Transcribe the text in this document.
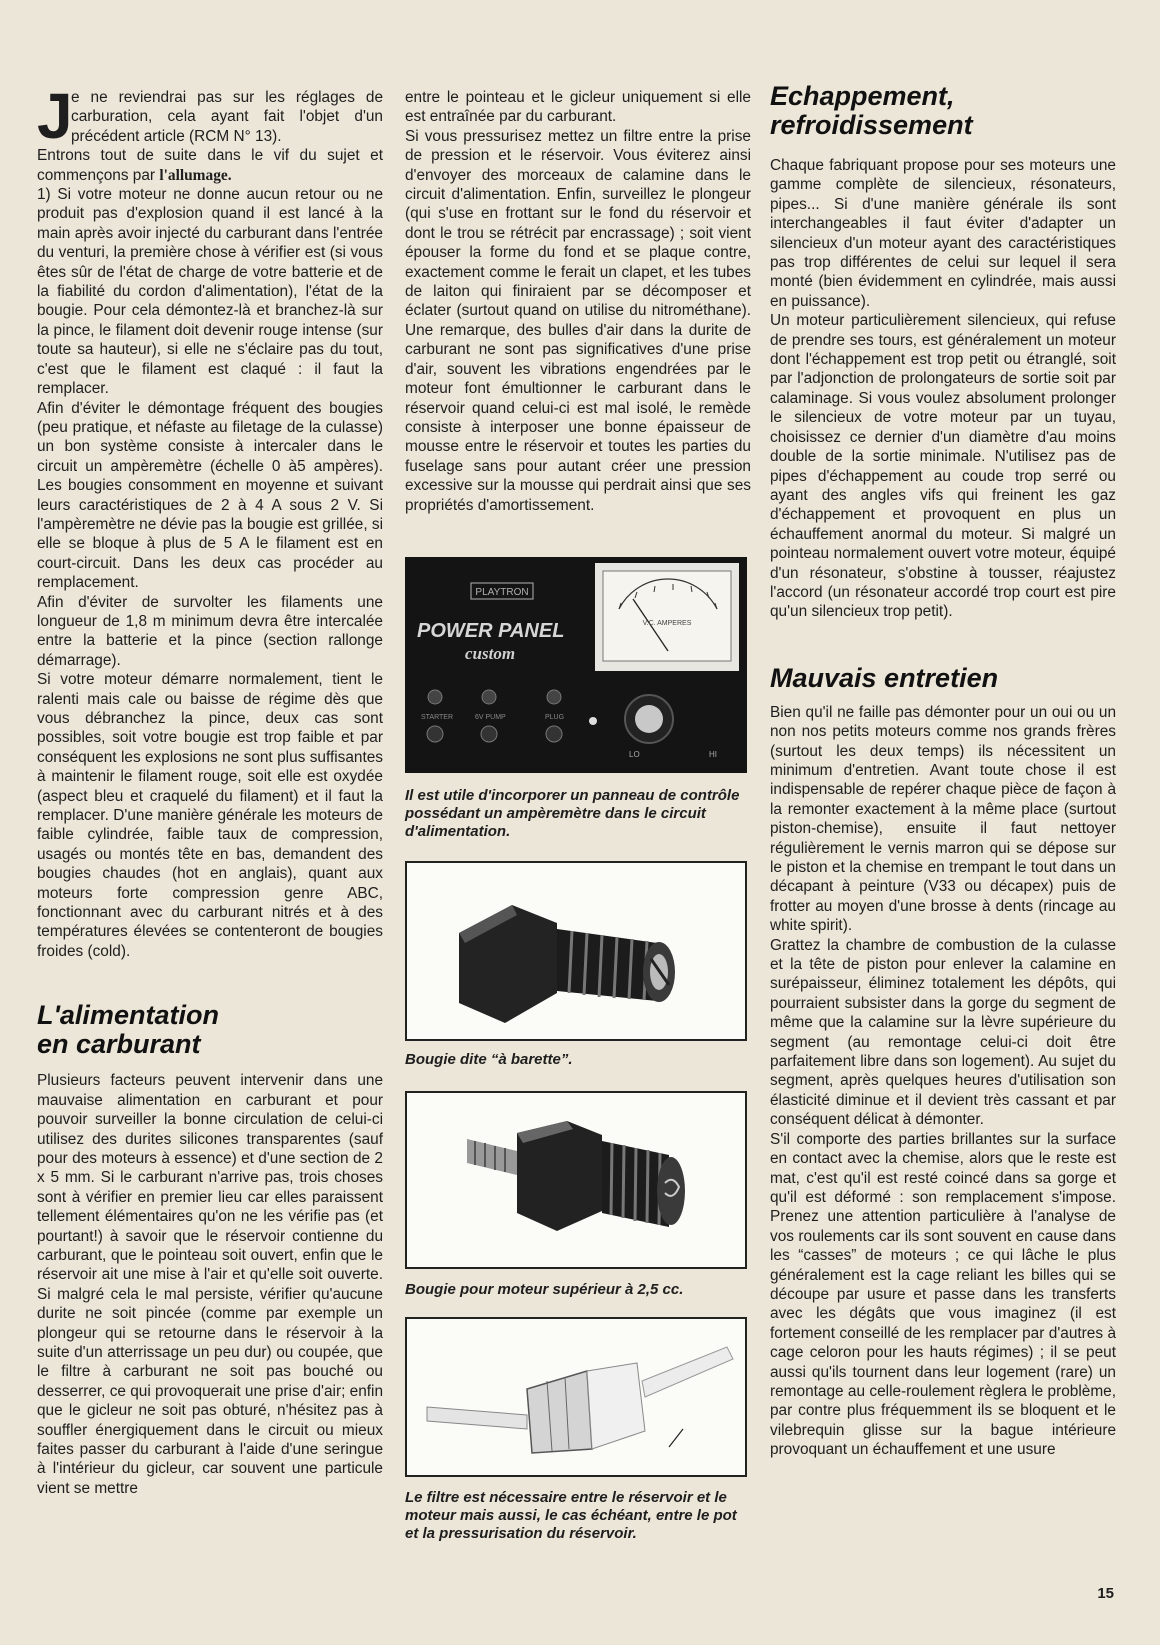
J

e ne reviendrai pas sur les réglages de carburation, cela ayant fait l'objet d'un précédent article (RCM N° 13).

Entrons tout de suite dans le vif du sujet et commençons par l'allumage.

1) Si votre moteur ne donne aucun retour ou ne produit pas d'explosion quand il est lancé à la main après avoir injecté du carburant dans l'entrée du venturi, la première chose à vérifier est (si vous êtes sûr de l'état de charge de votre batterie et de la fiabilité du cordon d'alimentation), l'état de la bougie. Pour cela démontez-là et branchez-là sur la pince, le filament doit devenir rouge intense (sur toute sa hauteur), si elle ne s'éclaire pas du tout, c'est que le filament est claqué : il faut la remplacer.

Afin d'éviter le démontage fréquent des bougies (peu pratique, et néfaste au filetage de la culasse) un bon système consiste à intercaler dans le circuit un ampèremètre (échelle 0 à5 ampères). Les bougies consomment en moyenne et suivant leurs caractéristiques de 2 à 4 A sous 2 V. Si l'ampèremètre ne dévie pas la bougie est grillée, si elle se bloque à plus de 5 A le filament est en court-circuit. Dans les deux cas procéder au remplacement.

Afin d'éviter de survolter les filaments une longueur de 1,8 m minimum devra être intercalée entre la batterie et la pince (section rallonge démarrage).

Si votre moteur démarre normalement, tient le ralenti mais cale ou baisse de régime dès que vous débranchez la pince, deux cas sont possibles, soit votre bougie est trop faible et par conséquent les explosions ne sont plus suffisantes à maintenir le filament rouge, soit elle est oxydée (aspect bleu et craquelé du filament) et il faut la remplacer. D'une manière générale les moteurs de faible cylindrée, faible taux de compression, usagés ou montés tête en bas, demandent des bougies chaudes (hot en anglais), quant aux moteurs forte compression genre ABC, fonctionnant avec du carburant nitrés et à des températures élevées se contenteront de bougies froides (cold).

L'alimentation
en carburant

Plusieurs facteurs peuvent intervenir dans une mauvaise alimentation en carburant et pour pouvoir surveiller la bonne circulation de celui-ci utilisez des durites silicones transparentes (sauf pour des moteurs à essence) et d'une section de 2 x 5 mm. Si le carburant n'arrive pas, trois choses sont à vérifier en premier lieu car elles paraissent tellement élémentaires qu'on ne les vérifie pas (et pourtant!) à savoir que le réservoir contienne du carburant, que le pointeau soit ouvert, enfin que le réservoir ait une mise à l'air et qu'elle soit ouverte. Si malgré cela le mal persiste, vérifier qu'aucune durite ne soit pincée (comme par exemple un plongeur qui se retourne dans le réservoir à la suite d'un atterrissage un peu dur) ou coupée, que le filtre à carburant ne soit pas bouché ou desserrer, ce qui provoquerait une prise d'air; enfin que le gicleur ne soit pas obturé, n'hésitez pas à souffler énergiquement dans le circuit ou mieux faites passer du carburant à l'aide d'une seringue à l'intérieur du gicleur, car souvent une particule vient se mettre

entre le pointeau et le gicleur uniquement si elle est entraînée par du carburant.

Si vous pressurisez mettez un filtre entre la prise de pression et le réservoir. Vous éviterez ainsi d'envoyer des morceaux de calamine dans le circuit d'alimentation. Enfin, surveillez le plongeur (qui s'use en frottant sur le fond du réservoir et dont le trou se rétrécit par encrassage) ; soit vient épouser la forme du fond et se plaque contre, exactement comme le ferait un clapet, et les tubes de laiton qui finiraient par se décomposer et éclater (surtout quand on utilise du nitrométhane). Une remarque, des bulles d'air dans la durite de carburant ne sont pas significatives d'une prise d'air, souvent les vibrations engendrées par le moteur font émultionner le carburant dans le réservoir quand celui-ci est mal isolé, le remède consiste à interposer une bonne épaisseur de mousse entre le réservoir et toutes les parties du fuselage sans pour autant créer une pression excessive sur la mousse qui perdrait ainsi que ses propriétés d'amortissement.

PLAYTRON
POWER PANEL
custom
V.C. AMPERES
STARTER	6V PUMP	PLUG
LO	HI

Il est utile d'incorporer un panneau de contrôle possédant un ampèremètre dans le circuit d'alimentation.

Bougie dite “à barette”.

Bougie pour moteur supérieur à 2,5 cc.

Le filtre est nécessaire entre le réservoir et le moteur mais aussi, le cas échéant, entre le pot et la pressurisation du réservoir.

Echappement,
refroidissement

Chaque fabriquant propose pour ses moteurs une gamme complète de silencieux, résonateurs, pipes... Si d'une manière générale ils sont interchangeables il faut éviter d'adapter un silencieux d'un moteur ayant des caractéristiques pas trop différentes de celui sur lequel il sera monté (bien évidemment en cylindrée, mais aussi en puissance).

Un moteur particulièrement silencieux, qui refuse de prendre ses tours, est généralement un moteur dont l'échappement est trop petit ou étranglé, soit par l'adjonction de prolongateurs de sortie soit par calaminage. Si vous voulez absolument prolonger le silencieux de votre moteur par un tuyau, choisissez ce dernier d'un diamètre d'au moins double de la sortie minimale. N'utilisez pas de pipes d'échappement au coude trop serré ou ayant des angles vifs qui freinent les gaz d'échappement et provoquent en plus un échauffement anormal du moteur. Si malgré un pointeau normalement ouvert votre moteur, équipé d'un résonateur, s'obstine à tousser, réajustez l'accord (un résonateur accordé trop court est pire qu'un silencieux trop petit).

Mauvais entretien

Bien qu'il ne faille pas démonter pour un oui ou un non nos petits moteurs comme nos grands frères (surtout les deux temps) ils nécessitent un minimum d'entretien. Avant toute chose il est indispensable de repérer chaque pièce de façon à la remonter exactement à la même place (surtout piston-chemise), ensuite il faut nettoyer régulièrement le vernis marron qui se dépose sur le piston et la chemise en trempant le tout dans un décapant à peinture (V33 ou décapex) puis de frotter au moyen d'une brosse à dents (rincage au white spirit).

Grattez la chambre de combustion de la culasse et la tête de piston pour enlever la calamine en surépaisseur, éliminez totalement les dépôts, qui pourraient subsister dans la gorge du segment de même que la calamine sur la lèvre supérieure du segment (au remontage celui-ci doit être parfaitement libre dans son logement). Au sujet du segment, après quelques heures d'utilisation son élasticité diminue et il devient très cassant et par conséquent délicat à démonter.

S'il comporte des parties brillantes sur la surface en contact avec la chemise, alors que le reste est mat, c'est qu'il est resté coincé dans sa gorge et qu'il est déformé : son remplacement s'impose. Prenez une attention particulière à l'analyse de vos roulements car ils sont souvent en cause dans les “casses” de moteurs ; ce qui lâche le plus généralement est la cage reliant les billes qui se découpe par usure et passe dans les transferts avec les dégâts que vous imaginez (il est fortement conseillé de les remplacer par d'autres à cage celoron pour les hauts régimes) ; il se peut aussi qu'ils tournent dans leur logement (rare) un remontage au celle-roulement règlera le problème, par contre plus fréquemment ils se bloquent et le vilebrequin glisse sur la bague intérieure provoquant un échauffement et une usure

15
